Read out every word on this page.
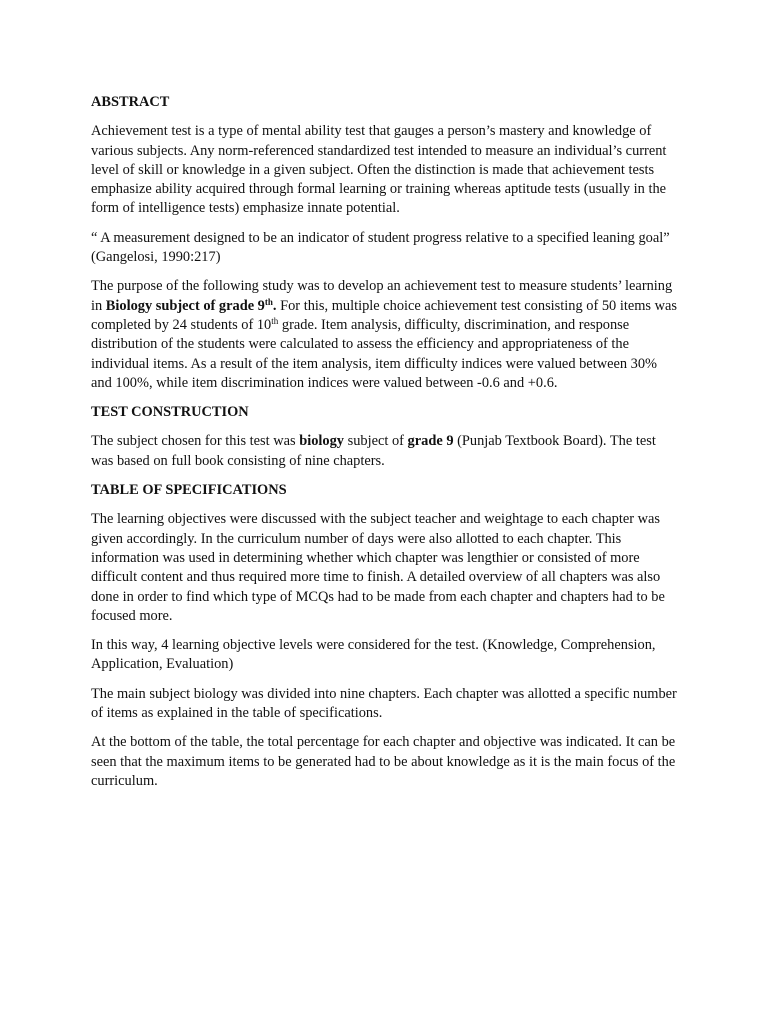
ABSTRACT
Achievement test is a type of mental ability test that gauges a person’s mastery and knowledge of various subjects. Any norm-referenced standardized test intended to measure an individual’s current level of skill or knowledge in a given subject. Often the distinction is made that achievement tests emphasize ability acquired through formal learning or training whereas aptitude tests (usually in the form of intelligence tests) emphasize innate potential.
“ A measurement designed to be an indicator of student progress relative to a specified leaning goal” (Gangelosi, 1990:217)
The purpose of the following study was to develop an achievement test to measure students’ learning in Biology subject of grade 9th. For this, multiple choice achievement test consisting of 50 items was completed by 24 students of 10th grade. Item analysis, difficulty, discrimination, and response distribution of the students were calculated to assess the efficiency and appropriateness of the individual items. As a result of the item analysis, item difficulty indices were valued between 30% and 100%, while item discrimination indices were valued between -0.6 and +0.6.
TEST CONSTRUCTION
The subject chosen for this test was biology subject of grade 9 (Punjab Textbook Board). The test was based on full book consisting of nine chapters.
TABLE OF SPECIFICATIONS
The learning objectives were discussed with the subject teacher and weightage to each chapter was given accordingly. In the curriculum number of days were also allotted to each chapter. This information was used in determining whether which chapter was lengthier or consisted of more difficult content and thus required more time to finish. A detailed overview of all chapters was also done in order to find which type of MCQs had to be made from each chapter and chapters had to be focused more.
In this way, 4 learning objective levels were considered for the test. (Knowledge, Comprehension, Application, Evaluation)
The main subject biology was divided into nine chapters. Each chapter was allotted a specific number of items as explained in the table of specifications.
At the bottom of the table, the total percentage for each chapter and objective was indicated. It can be seen that the maximum items to be generated had to be about knowledge as it is the main focus of the curriculum.
